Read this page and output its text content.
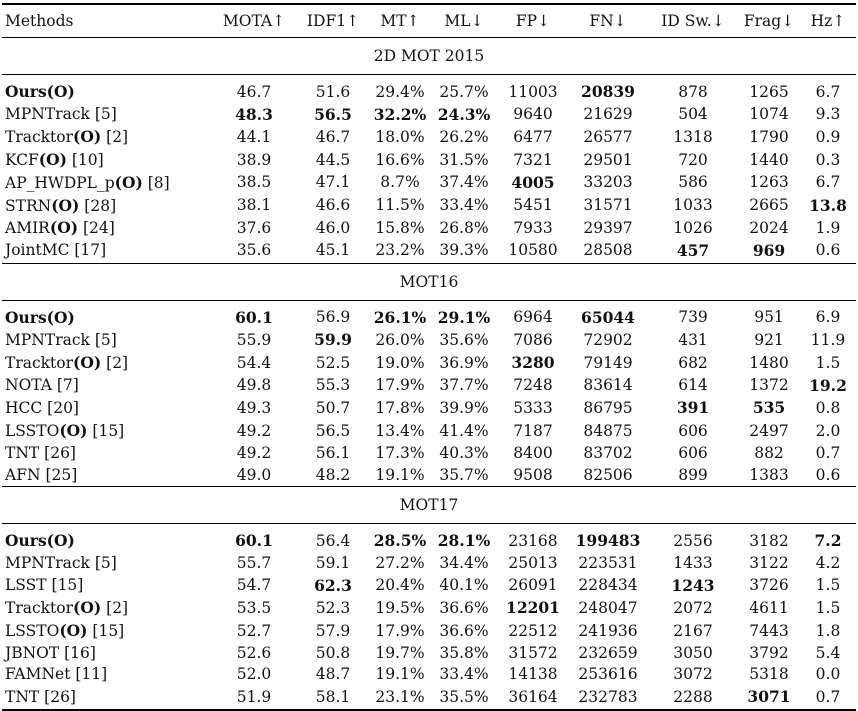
Methods	MOTA↑	IDF1↑	MT↑	ML↓	FP↓	FN↓	ID Sw.↓	Frag↓	Hz↑
2D MOT 2015									

Ours(O)	46.7	51.6	29.4%	25.7%	11003	20839	878	1265	6.7
MPNTrack [5]	48.3	56.5	32.2%	24.3%	9640	21629	504	1074	9.3
Tracktor(O) [2]	44.1	46.7	18.0%	26.2%	6477	26577	1318	1790	0.9
KCF(O) [10]	38.9	44.5	16.6%	31.5%	7321	29501	720	1440	0.3
AP_HWDPL_p(O) [8]	38.5	47.1	8.7%	37.4%	4005	33203	586	1263	6.7
STRN(O) [28]	38.1	46.6	11.5%	33.4%	5451	31571	1033	2665	13.8
AMIR(O) [24]	37.6	46.0	15.8%	26.8%	7933	29397	1026	2024	1.9
JointMC [17]	35.6	45.1	23.2%	39.3%	10580	28508	457	969	0.6
MOT16									

Ours(O)	60.1	56.9	26.1%	29.1%	6964	65044	739	951	6.9
MPNTrack [5]	55.9	59.9	26.0%	35.6%	7086	72902	431	921	11.9
Tracktor(O) [2]	54.4	52.5	19.0%	36.9%	3280	79149	682	1480	1.5
NOTA [7]	49.8	55.3	17.9%	37.7%	7248	83614	614	1372	19.2
HCC [20]	49.3	50.7	17.8%	39.9%	5333	86795	391	535	0.8
LSSTO(O) [15]	49.2	56.5	13.4%	41.4%	7187	84875	606	2497	2.0
TNT [26]	49.2	56.1	17.3%	40.3%	8400	83702	606	882	0.7
AFN [25]	49.0	48.2	19.1%	35.7%	9508	82506	899	1383	0.6
MOT17									

Ours(O)	60.1	56.4	28.5%	28.1%	23168	199483	2556	3182	7.2
MPNTrack [5]	55.7	59.1	27.2%	34.4%	25013	223531	1433	3122	4.2
LSST [15]	54.7	62.3	20.4%	40.1%	26091	228434	1243	3726	1.5
Tracktor(O) [2]	53.5	52.3	19.5%	36.6%	12201	248047	2072	4611	1.5
LSSTO(O) [15]	52.7	57.9	17.9%	36.6%	22512	241936	2167	7443	1.8
JBNOT [16]	52.6	50.8	19.7%	35.8%	31572	232659	3050	3792	5.4
FAMNet [11]	52.0	48.7	19.1%	33.4%	14138	253616	3072	5318	0.0
TNT [26]	51.9	58.1	23.1%	35.5%	36164	232783	2288	3071	0.7
